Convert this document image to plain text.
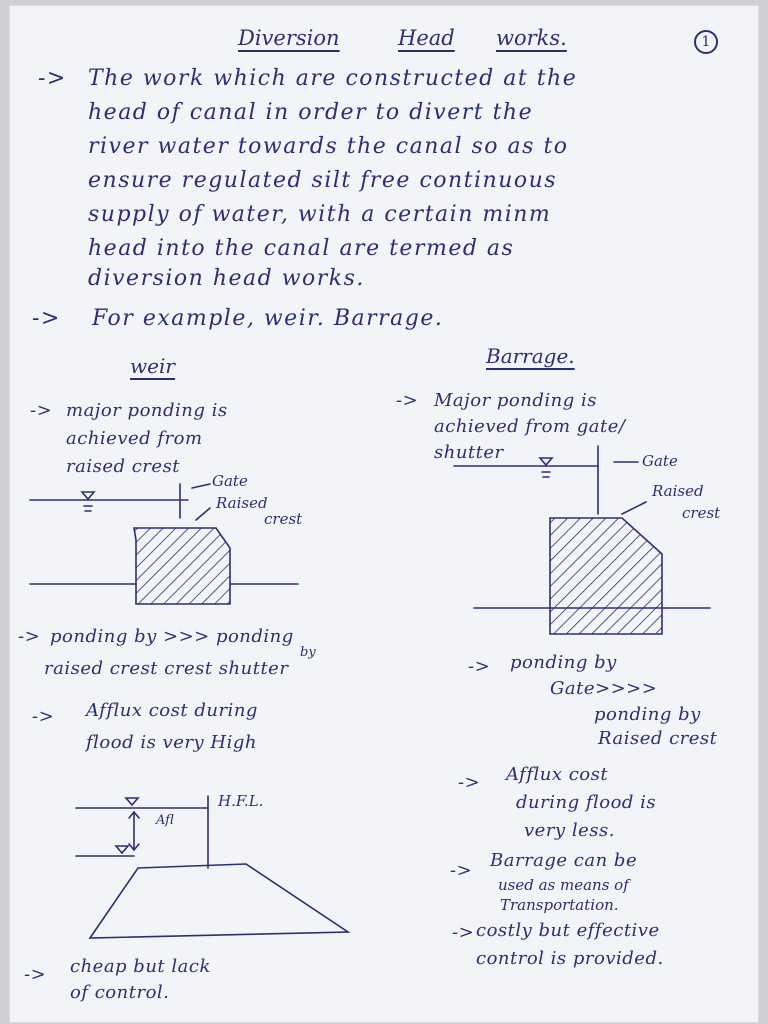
Diversion	Head works.	1
-> The work which are constructed at the
head of canal in order to divert the
river water towards the canal so as to
ensure regulated silt free continuous
supply of water, with a certain minm
head into the canal are termed as
diversion head works.
-> For example, weir. Barrage.
weir
-> major ponding is
achieved from
raised crest
Barrage.
-> Major ponding is
achieved from gate/
shutter
Gate
Raised
crest
Gate
Raised
crest
-> ponding by >>> ponding
by
raised crest crest shutter
-> Afflux cost during
flood is very High
H.F.L.
Afl
-> cheap but lack
of control.
-> ponding by
Gate>>>>
ponding by
Raised crest
-> Afflux cost
during flood is
very less.
-> Barrage can be
used as means of
Transportation.
-> costly but effective
control is provided.
